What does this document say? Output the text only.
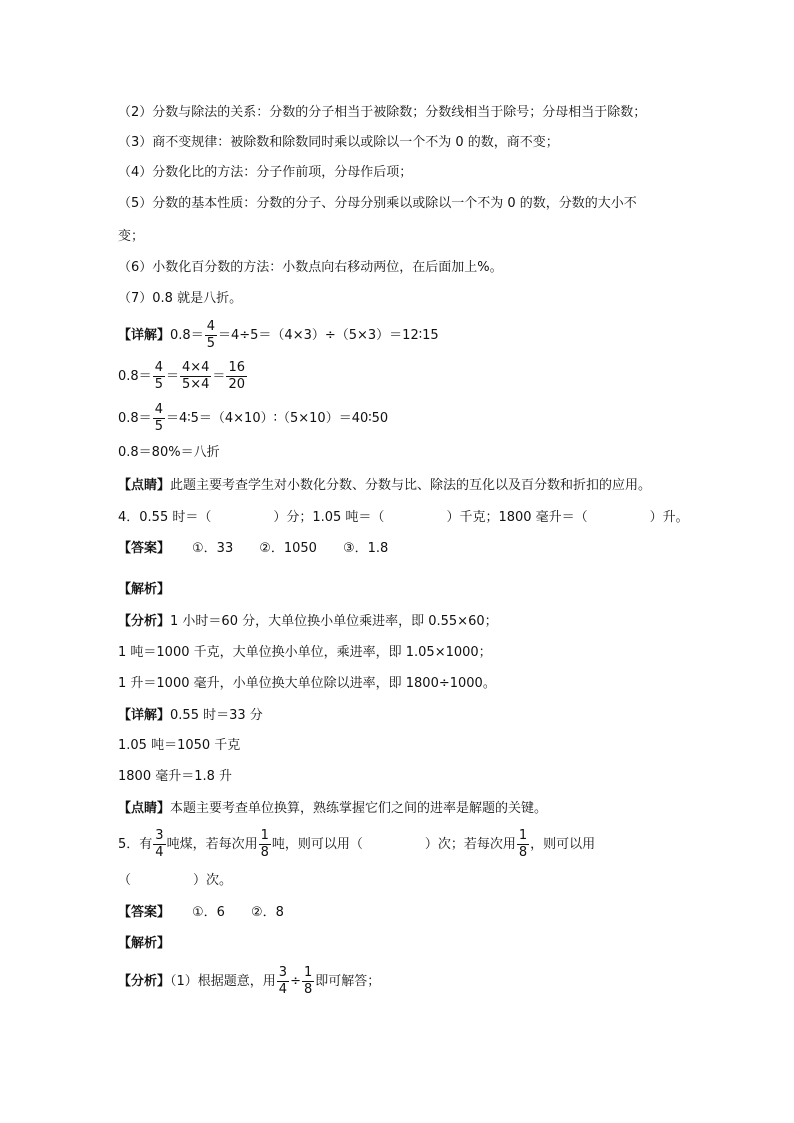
（2）分数与除法的关系：分数的分子相当于被除数；分数线相当于除号；分母相当于除数；
（3）商不变规律：被除数和除数同时乘以或除以一个不为 0 的数，商不变；
（4）分数化比的方法：分子作前项，分母作后项；
（5）分数的基本性质：分数的分子、分母分别乘以或除以一个不为 0 的数，分数的大小不
变；
（6）小数化百分数的方法：小数点向右移动两位，在后面加上%。
（7）0.8 就是八折。
【详解】$0.8= \frac{4}{5}$ ＝4÷5＝（4×3）÷（5×3）＝12∶15
$0.8= \frac{4}{5} = \frac{4\times 4}{5\times 4} = \frac{16}{20}$
$0.8= \frac{4}{5}$ ＝4∶5＝（4×10）∶（5×10）＝40∶50
0.8＝80%＝八折
【点睛】此题主要考查学生对小数化分数、分数与比、除法的互化以及百分数和折扣的应用。
4．0.55 时＝（	）分；1.05 吨＝（	）千克；1800 毫升＝（	）升。
【答案】 ①．33　　②．1050　　③．1.8
【解析】
【分析】1 小时＝60 分，大单位换小单位乘进率，即 0.55×60；
1 吨＝1000 千克，大单位换小单位，乘进率，即 1.05×1000；
1 升＝1000 毫升，小单位换大单位除以进率，即 1800÷1000。
【详解】0.55 时＝33 分
1.05 吨＝1050 千克
1800 毫升＝1.8 升
【点睛】本题主要考查单位换算，熟练掌握它们之间的进率是解题的关键。
5．有 $\frac{3}{4}$ 吨煤，若每次用 $\frac{1}{8}$ 吨，则可以用（	）次；若每次用 $\frac{1}{8}$ ，则可以用
（	）次。
【答案】 ①．6　　②．8
【解析】
【分析】（1）根据题意，用 $\frac{3}{4} \div \frac{1}{8}$ 即可解答；
